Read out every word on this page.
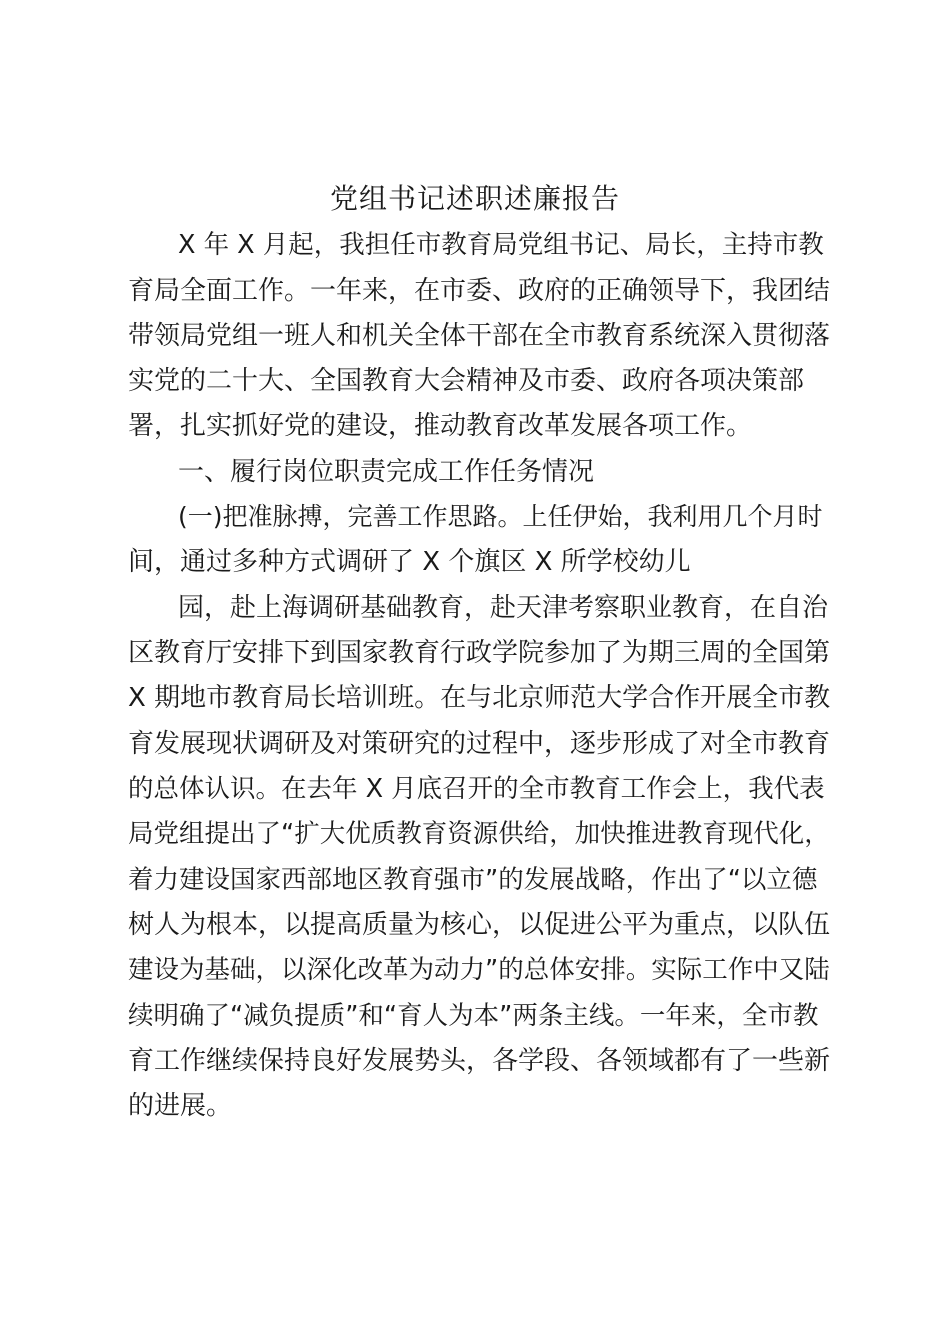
党组书记述职述廉报告
X 年 X 月起，我担任市教育局党组书记、局长，主持市教
育局全面工作。一年来，在市委、政府的正确领导下，我团结
带领局党组一班人和机关全体干部在全市教育系统深入贯彻落
实党的二十大、全国教育大会精神及市委、政府各项决策部
署，扎实抓好党的建设，推动教育改革发展各项工作。
一、履行岗位职责完成工作任务情况
(一)把准脉搏，完善工作思路。上任伊始，我利用几个月时
间，通过多种方式调研了 X 个旗区 X 所学校幼儿
园，赴上海调研基础教育，赴天津考察职业教育，在自治
区教育厅安排下到国家教育行政学院参加了为期三周的全国第
X 期地市教育局长培训班。在与北京师范大学合作开展全市教
育发展现状调研及对策研究的过程中，逐步形成了对全市教育
的总体认识。在去年 X 月底召开的全市教育工作会上，我代表
局党组提出了“扩大优质教育资源供给，加快推进教育现代化，
着力建设国家西部地区教育强市”的发展战略，作出了“以立德
树人为根本，以提高质量为核心，以促进公平为重点，以队伍
建设为基础，以深化改革为动力”的总体安排。实际工作中又陆
续明确了“减负提质”和“育人为本”两条主线。一年来，全市教
育工作继续保持良好发展势头，各学段、各领域都有了一些新
的进展。
